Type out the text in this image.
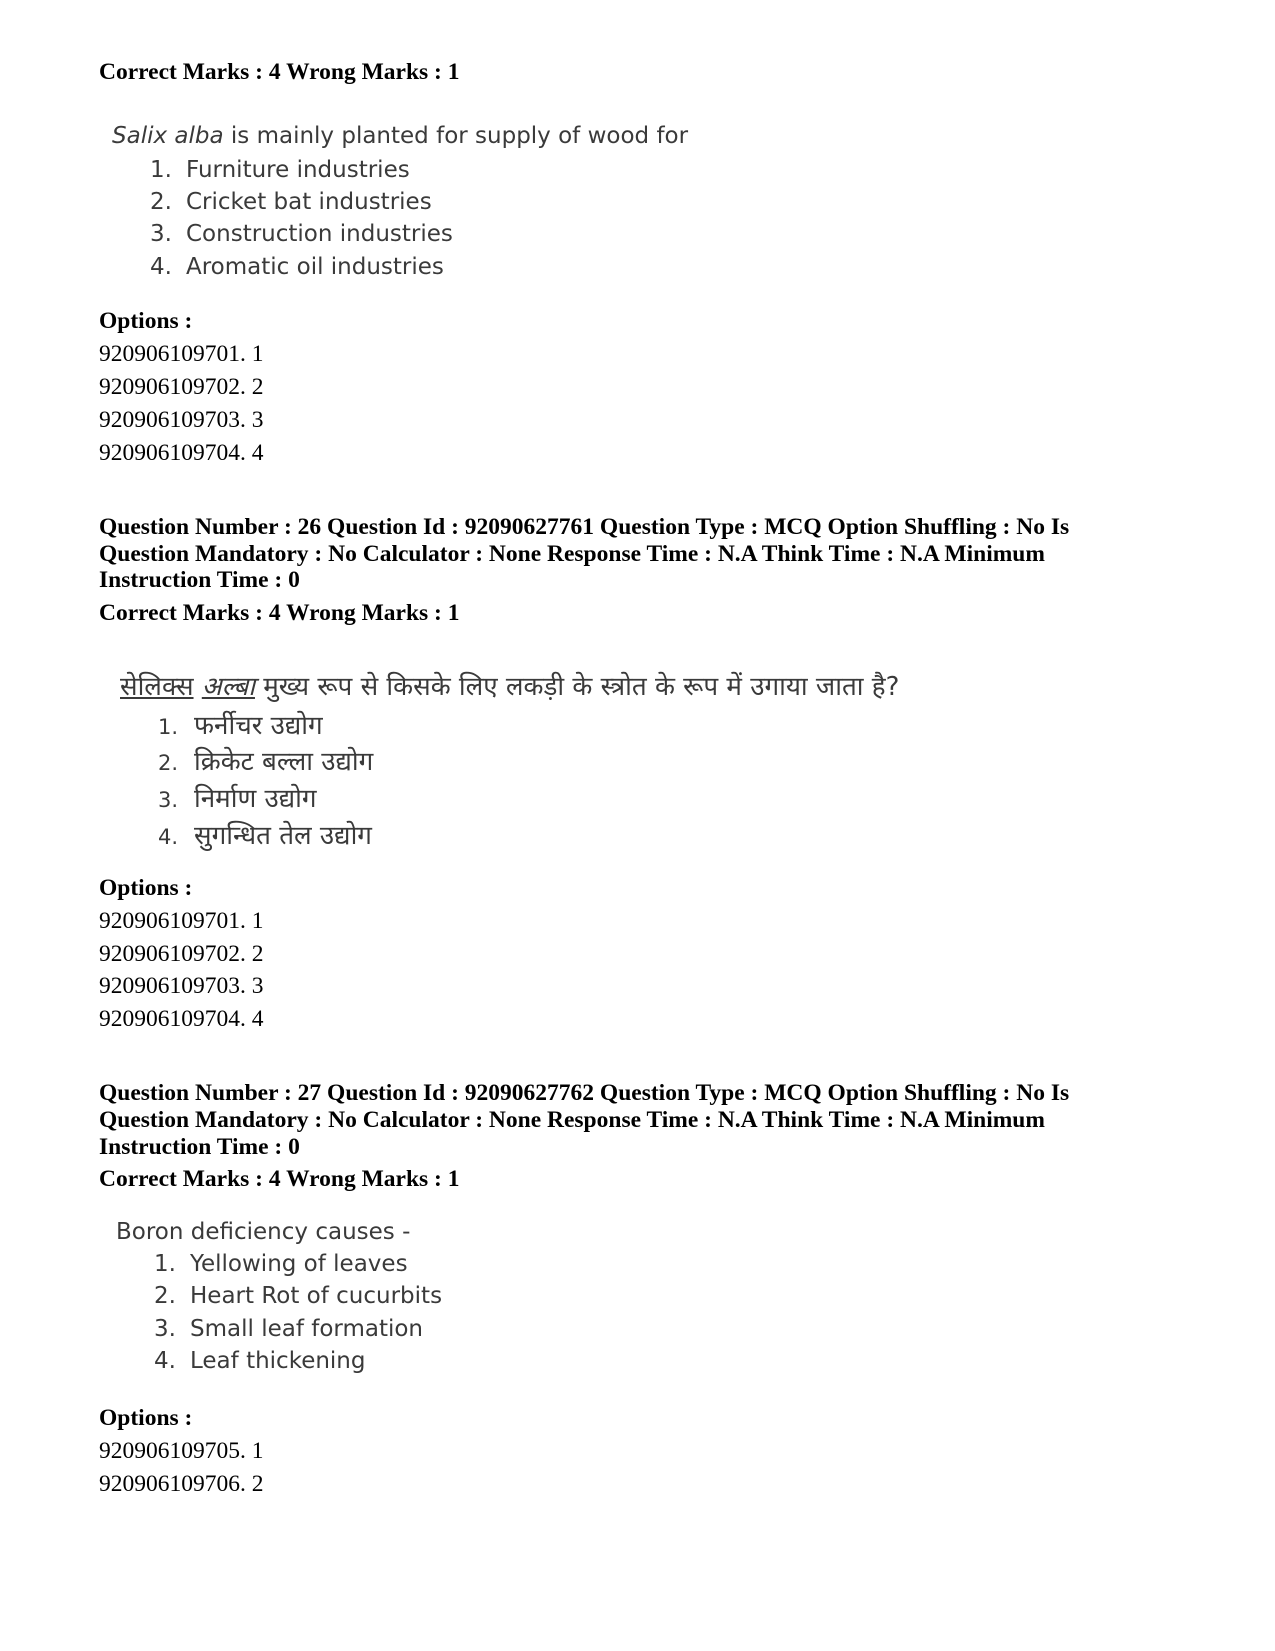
Correct Marks : 4 Wrong Marks : 1
Salix alba is mainly planted for supply of wood for
1. Furniture industries
2. Cricket bat industries
3. Construction industries
4. Aromatic oil industries
Options :
920906109701. 1
920906109702. 2
920906109703. 3
920906109704. 4
Question Number : 26 Question Id : 92090627761 Question Type : MCQ Option Shuffling : No Is
Question Mandatory : No Calculator : None Response Time : N.A Think Time : N.A Minimum
Instruction Time : 0
Correct Marks : 4 Wrong Marks : 1
सेलिक्स अल्बा मुख्य रूप से किसके लिए लकड़ी के स्त्रोत के रूप में उगाया जाता है?
1. फर्नीचर उद्योग
2. क्रिकेट बल्ला उद्योग
3. निर्माण उद्योग
4. सुगन्धित तेल उद्योग
Options :
920906109701. 1
920906109702. 2
920906109703. 3
920906109704. 4
Question Number : 27 Question Id : 92090627762 Question Type : MCQ Option Shuffling : No Is
Question Mandatory : No Calculator : None Response Time : N.A Think Time : N.A Minimum
Instruction Time : 0
Correct Marks : 4 Wrong Marks : 1
Boron deficiency causes -
1. Yellowing of leaves
2. Heart Rot of cucurbits
3. Small leaf formation
4. Leaf thickening
Options :
920906109705. 1
920906109706. 2
